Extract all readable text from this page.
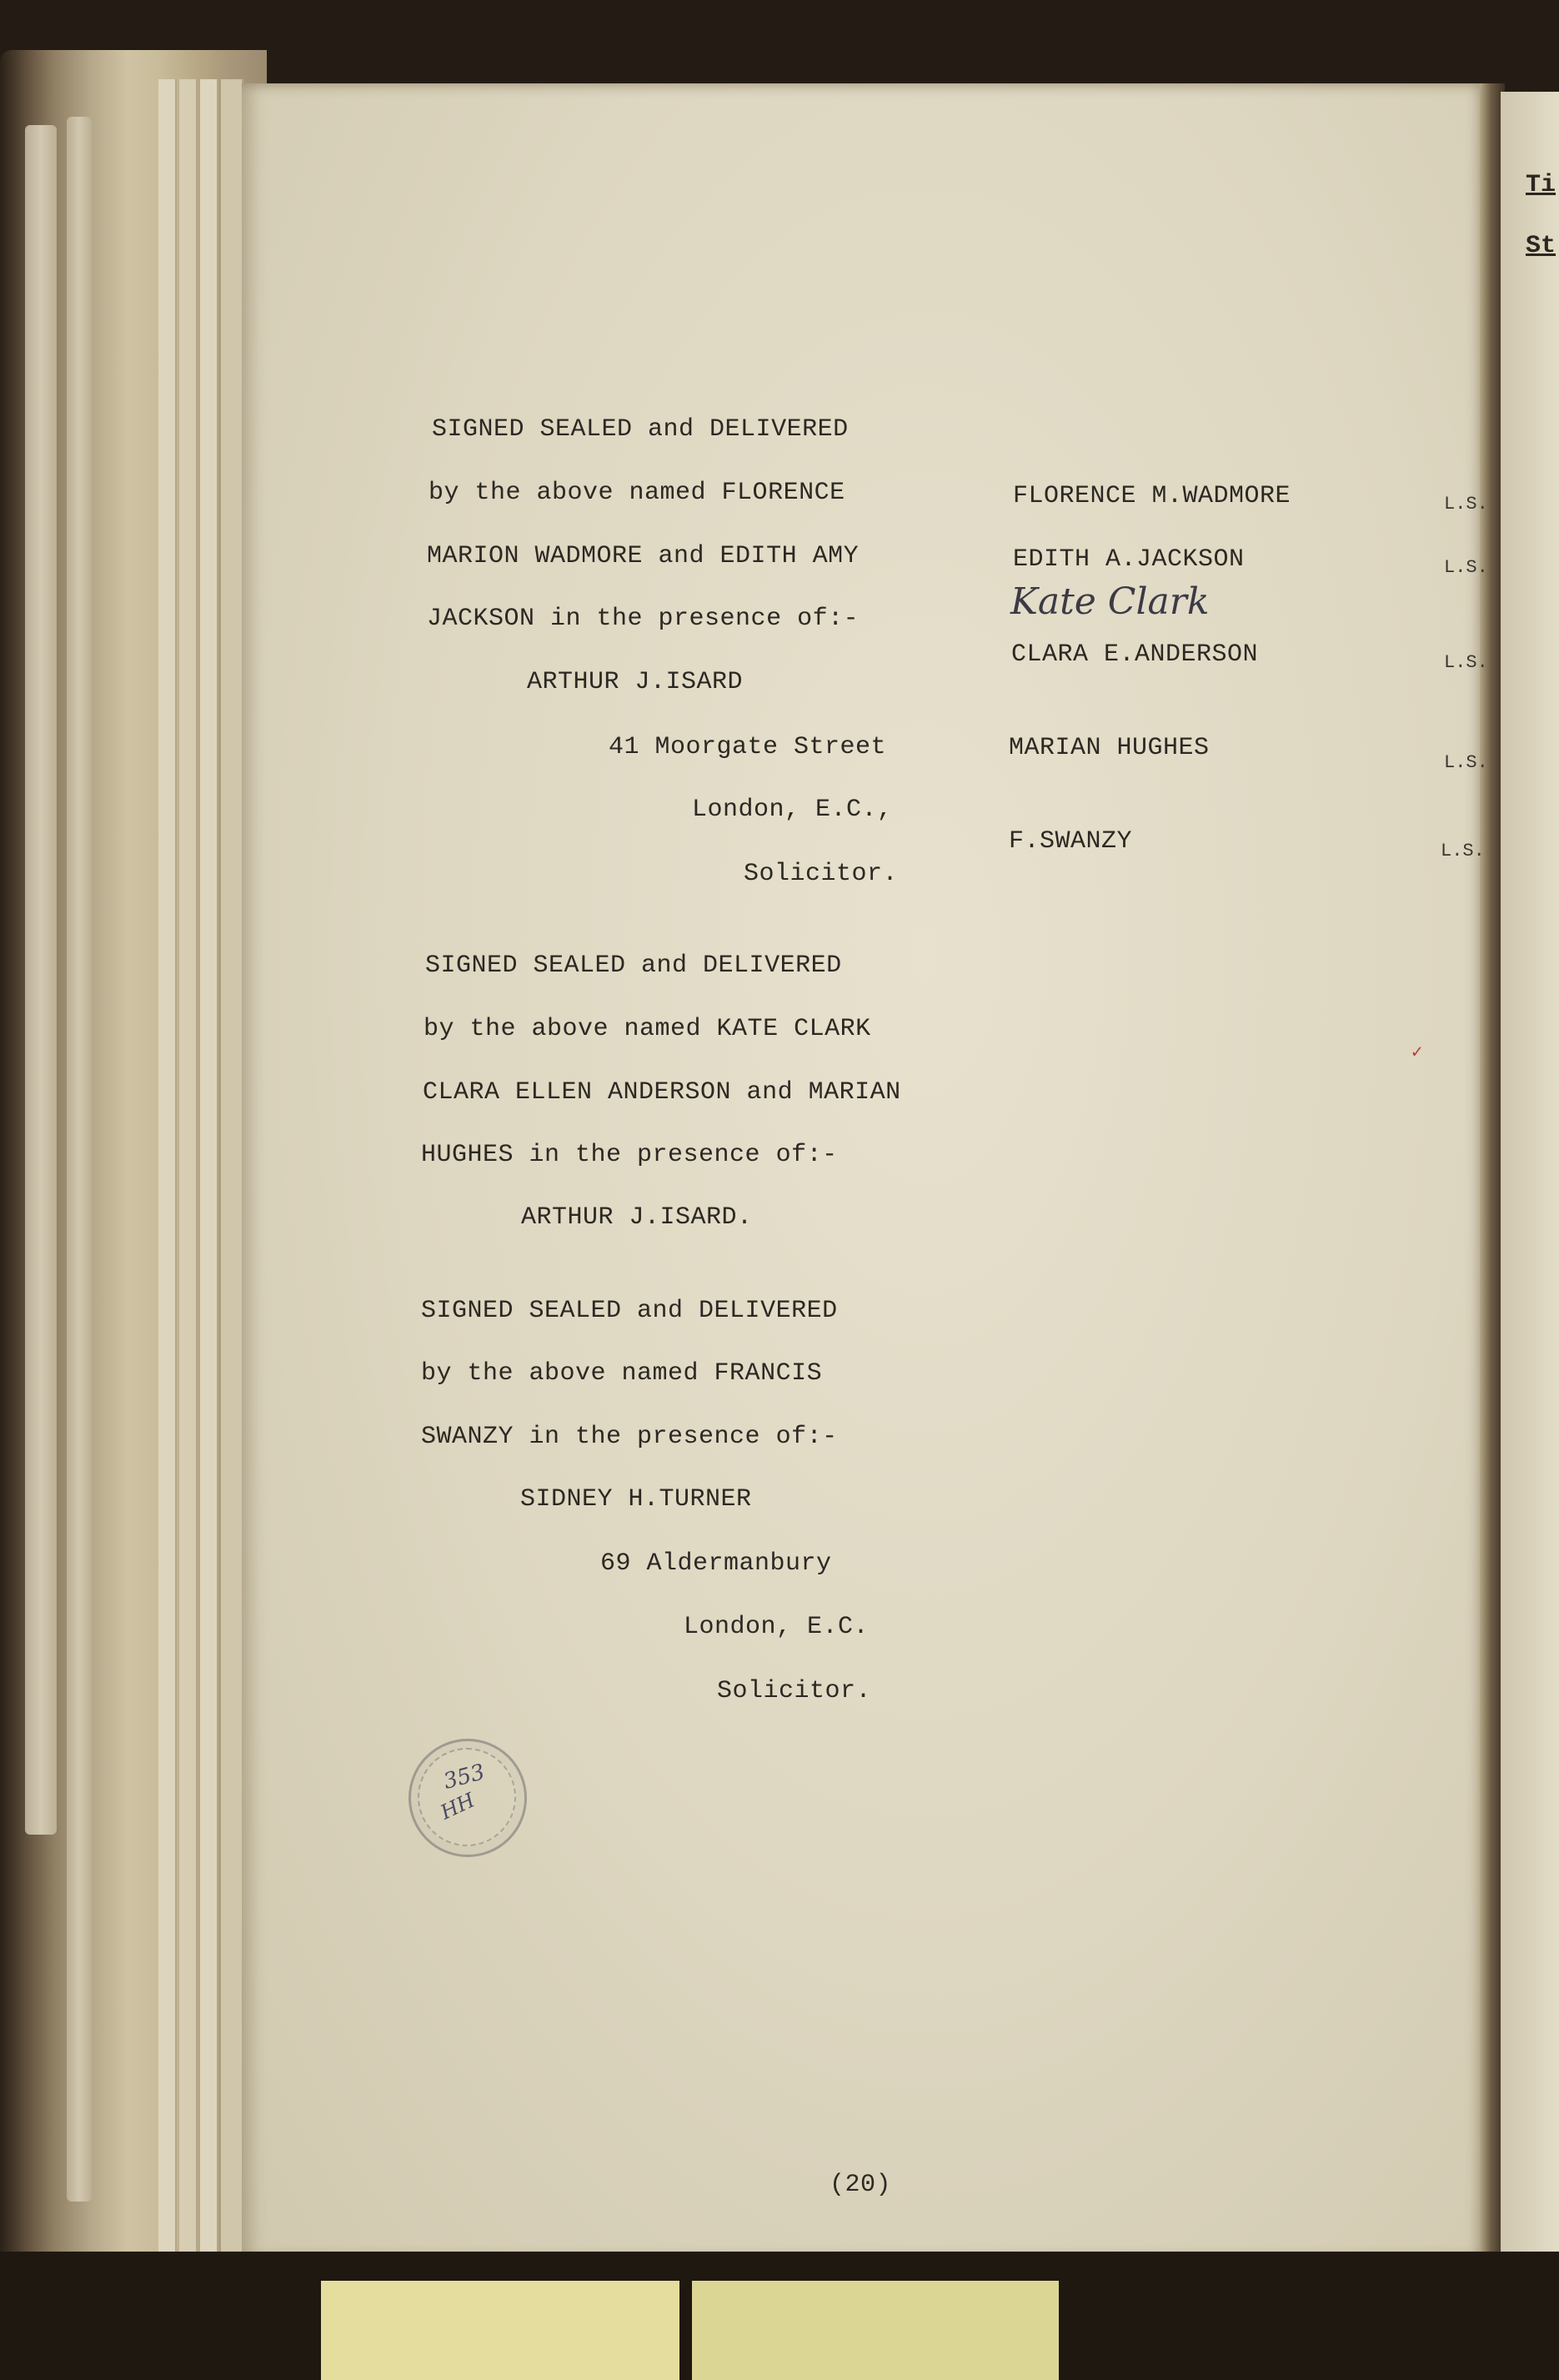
Ti
St
SIGNED SEALED and DELIVERED
by the above named FLORENCE
MARION WADMORE and EDITH AMY
JACKSON in the presence of:-
ARTHUR J.ISARD
41 Moorgate Street
London, E.C.,
Solicitor.
FLORENCE M.WADMORE
EDITH A.JACKSON
Kate Clark
CLARA E.ANDERSON
MARIAN HUGHES
F.SWANZY
L.S.
L.S.
L.S.
L.S.
L.S.
SIGNED SEALED and DELIVERED
by the above named KATE CLARK
CLARA ELLEN ANDERSON and MARIAN
HUGHES in the presence of:-
ARTHUR J.ISARD.
SIGNED SEALED and DELIVERED
by the above named FRANCIS
SWANZY in the presence of:-
SIDNEY H.TURNER
69 Aldermanbury
London, E.C.
Solicitor.
353
HH
✓
(20)
